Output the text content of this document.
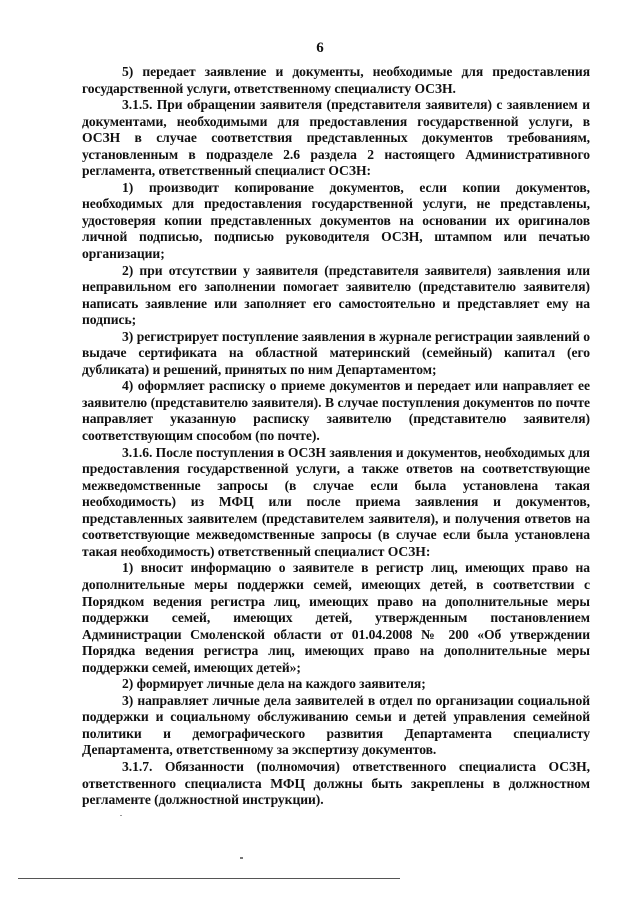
6

5) передает заявление и документы, необходимые для предоставления государственной услуги, ответственному специалисту ОСЗН.

3.1.5. При обращении заявителя (представителя заявителя) с заявлением и документами, необходимыми для предоставления государственной услуги, в ОСЗН в случае соответствия представленных документов требованиям, установленным в подразделе 2.6 раздела 2 настоящего Административного регламента, ответственный специалист ОСЗН:

1) производит копирование документов, если копии документов, необходимых для предоставления государственной услуги, не представлены, удостоверяя копии представленных документов на основании их оригиналов личной подписью, подписью руководителя ОСЗН, штампом или печатью организации;

2) при отсутствии у заявителя (представителя заявителя) заявления или неправильном его заполнении помогает заявителю (представителю заявителя) написать заявление или заполняет его самостоятельно и представляет ему на подпись;

3) регистрирует поступление заявления в журнале регистрации заявлений о выдаче сертификата на областной материнский (семейный) капитал (его дубликата) и решений, принятых по ним Департаментом;

4) оформляет расписку о приеме документов и передает или направляет ее заявителю (представителю заявителя). В случае поступления документов по почте направляет указанную расписку заявителю (представителю заявителя) соответствующим способом (по почте).

3.1.6. После поступления в ОСЗН заявления и документов, необходимых для предоставления государственной услуги, а также ответов на соответствующие межведомственные запросы (в случае если была установлена такая необходимость) из МФЦ или после приема заявления и документов, представленных заявителем (представителем заявителя), и получения ответов на соответствующие межведомственные запросы (в случае если была установлена такая необходимость) ответственный специалист ОСЗН:

1) вносит информацию о заявителе в регистр лиц, имеющих право на дополнительные меры поддержки семей, имеющих детей, в соответствии с Порядком ведения регистра лиц, имеющих право на дополнительные меры поддержки семей, имеющих детей, утвержденным постановлением Администрации Смоленской области от 01.04.2008 № 200 «Об утверждении Порядка ведения регистра лиц, имеющих право на дополнительные меры поддержки семей, имеющих детей»;

2) формирует личные дела на каждого заявителя;

3) направляет личные дела заявителей в отдел по организации социальной поддержки и социальному обслуживанию семьи и детей управления семейной политики и демографического развития Департамента специалисту Департамента, ответственному за экспертизу документов.

3.1.7. Обязанности (полномочия) ответственного специалиста ОСЗН, ответственного специалиста МФЦ должны быть закреплены в должностном регламенте (должностной инструкции).
